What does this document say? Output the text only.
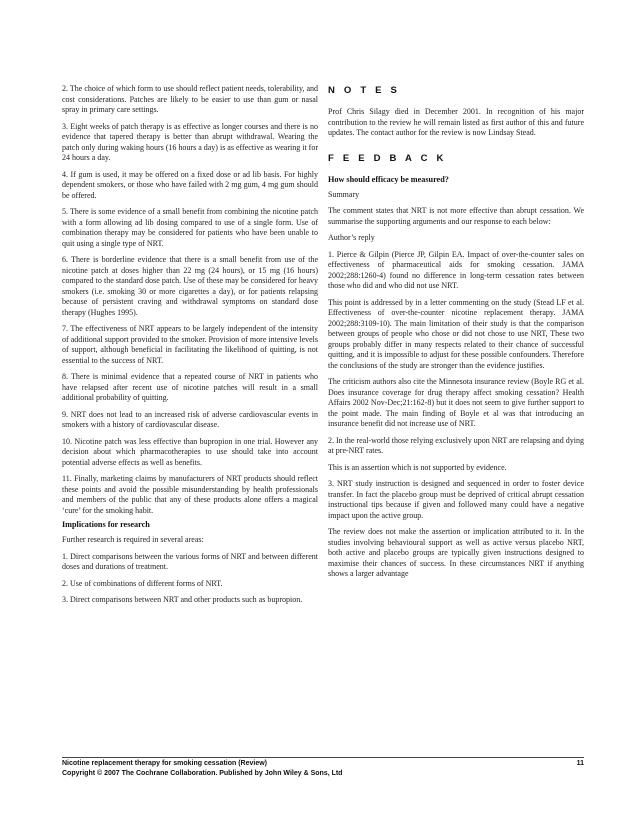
2. The choice of which form to use should reflect patient needs, tolerability, and cost considerations. Patches are likely to be easier to use than gum or nasal spray in primary care settings.

3. Eight weeks of patch therapy is as effective as longer courses and there is no evidence that tapered therapy is better than abrupt withdrawal. Wearing the patch only during waking hours (16 hours a day) is as effective as wearing it for 24 hours a day.

4. If gum is used, it may be offered on a fixed dose or ad lib basis. For highly dependent smokers, or those who have failed with 2 mg gum, 4 mg gum should be offered.

5. There is some evidence of a small benefit from combining the nicotine patch with a form allowing ad lib dosing compared to use of a single form. Use of combination therapy may be considered for patients who have been unable to quit using a single type of NRT.

6. There is borderline evidence that there is a small benefit from use of the nicotine patch at doses higher than 22 mg (24 hours), or 15 mg (16 hours) compared to the standard dose patch. Use of these may be considered for heavy smokers (i.e. smoking 30 or more cigarettes a day), or for patients relapsing because of persistent craving and withdrawal symptoms on standard dose therapy (Hughes 1995).

7. The effectiveness of NRT appears to be largely independent of the intensity of additional support provided to the smoker. Provision of more intensive levels of support, although beneficial in facilitating the likelihood of quitting, is not essential to the success of NRT.

8. There is minimal evidence that a repeated course of NRT in patients who have relapsed after recent use of nicotine patches will result in a small additional probability of quitting.

9. NRT does not lead to an increased risk of adverse cardiovascular events in smokers with a history of cardiovascular disease.

10. Nicotine patch was less effective than bupropion in one trial. However any decision about which pharmacotherapies to use should take into account potential adverse effects as well as benefits.

11. Finally, marketing claims by manufacturers of NRT products should reflect these points and avoid the possible misunderstanding by health professionals and members of the public that any of these products alone offers a magical ‘cure’ for the smoking habit.

Implications for research

Further research is required in several areas:

1. Direct comparisons between the various forms of NRT and between different doses and durations of treatment.

2. Use of combinations of different forms of NRT.

3. Direct comparisons between NRT and other products such as bupropion.

N O T E S

Prof Chris Silagy died in December 2001. In recognition of his major contribution to the review he will remain listed as first author of this and future updates. The contact author for the review is now Lindsay Stead.

F E E D B A C K
How should efficacy be measured?

Summary

The comment states that NRT is not more effective than abrupt cessation. We summarise the supporting arguments and our response to each below:

Author’s reply

1. Pierce & Gilpin (Pierce JP, Gilpin EA. Impact of over-the-counter sales on effectiveness of pharmaceutical aids for smoking cessation. JAMA 2002;288:1260-4) found no difference in long-term cessation rates between those who did and who did not use NRT.

This point is addressed by in a letter commenting on the study (Stead LF et al. Effectiveness of over-the-counter nicotine replacement therapy. JAMA 2002;288:3109-10). The main limitation of their study is that the comparison between groups of people who chose or did not chose to use NRT, These two groups probably differ in many respects related to their chance of successful quitting, and it is impossible to adjust for these possible confounders. Therefore the conclusions of the study are stronger than the evidence justifies.

The criticism authors also cite the Minnesota insurance review (Boyle RG et al. Does insurance coverage for drug therapy affect smoking cessation? Health Affairs 2002 Nov-Dec;21:162-8) but it does not seem to give further support to the point made. The main finding of Boyle et al was that introducing an insurance benefit did not increase use of NRT.

2. In the real-world those relying exclusively upon NRT are relapsing and dying at pre-NRT rates.

This is an assertion which is not supported by evidence.

3. NRT study instruction is designed and sequenced in order to foster device transfer. In fact the placebo group must be deprived of critical abrupt cessation instructional tips because if given and followed many could have a negative impact upon the active group.

The review does not make the assertion or implication attributed to it. In the studies involving behavioural support as well as active versus placebo NRT, both active and placebo groups are typically given instructions designed to maximise their chances of success. In these circumstances NRT if anything shows a larger advantage

Nicotine replacement therapy for smoking cessation (Review)	11
Copyright © 2007 The Cochrane Collaboration. Published by John Wiley & Sons, Ltd
